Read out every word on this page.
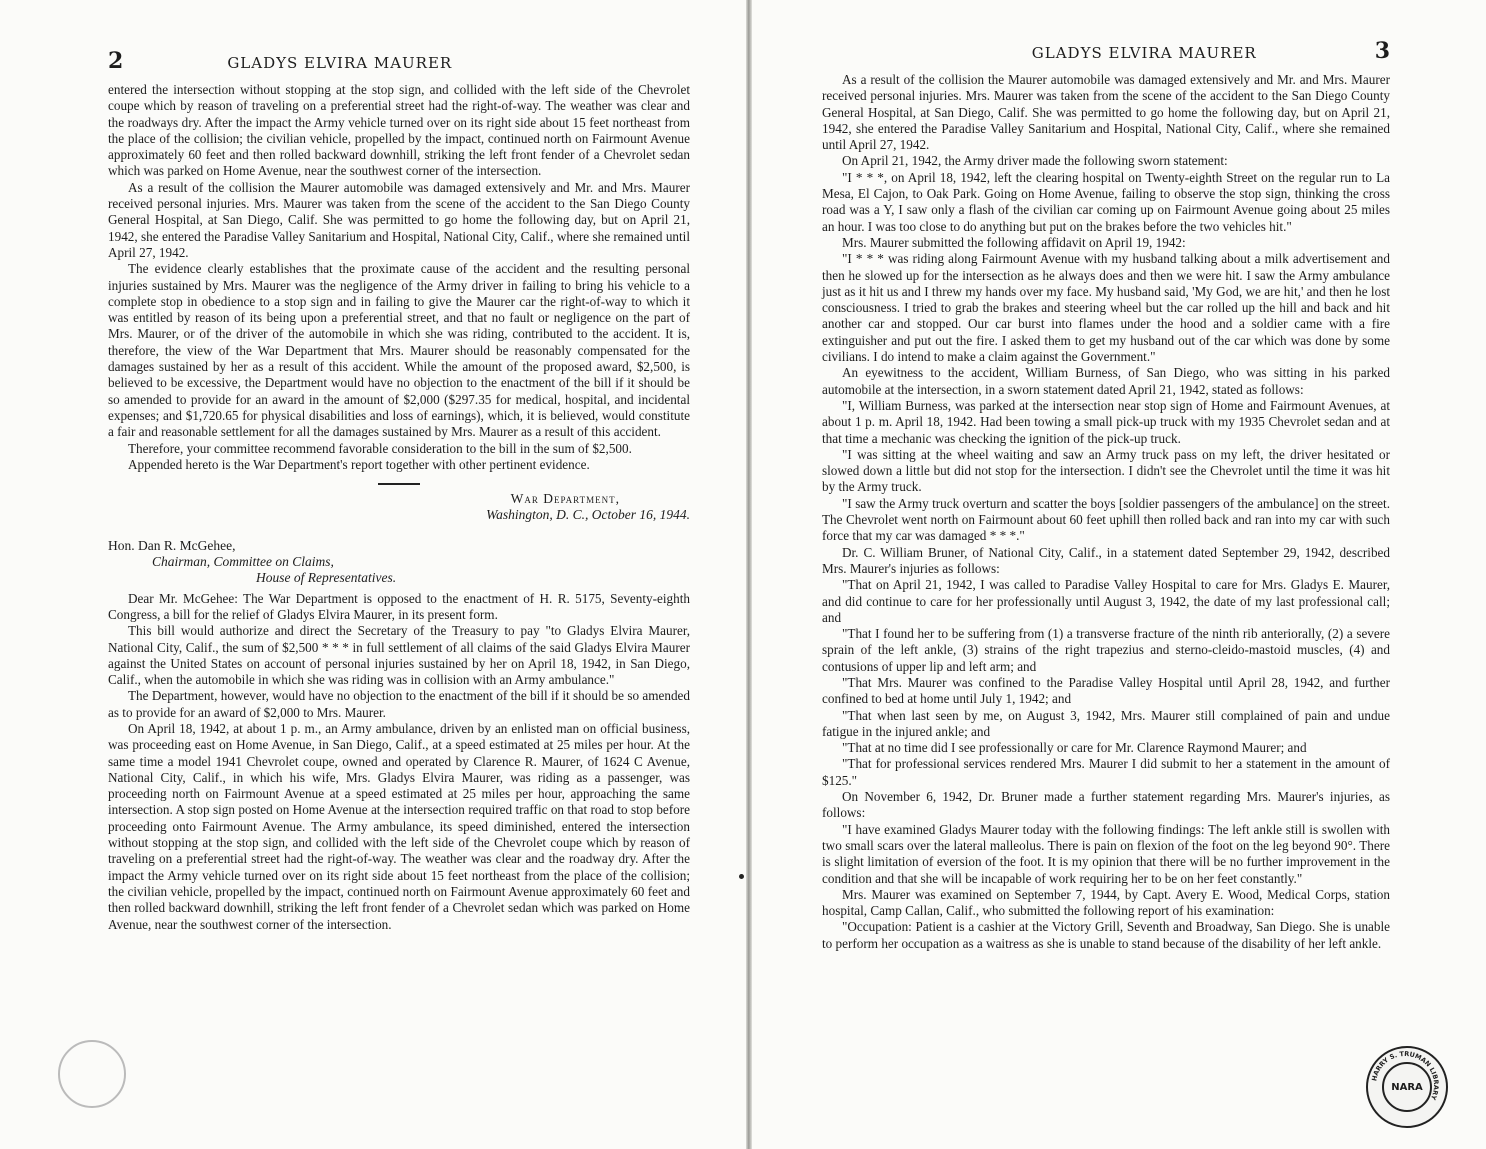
2	GLADYS ELVIRA MAURER

entered the intersection without stopping at the stop sign, and collided with the left side of the Chevrolet coupe which by reason of traveling on a preferential street had the right-of-way. The weather was clear and the roadways dry. After the impact the Army vehicle turned over on its right side about 15 feet northeast from the place of the collision; the civilian vehicle, propelled by the impact, continued north on Fairmount Avenue approximately 60 feet and then rolled backward downhill, striking the left front fender of a Chevrolet sedan which was parked on Home Avenue, near the southwest corner of the intersection.

As a result of the collision the Maurer automobile was damaged extensively and Mr. and Mrs. Maurer received personal injuries. Mrs. Maurer was taken from the scene of the accident to the San Diego County General Hospital, at San Diego, Calif. She was permitted to go home the following day, but on April 21, 1942, she entered the Paradise Valley Sanitarium and Hospital, National City, Calif., where she remained until April 27, 1942.

The evidence clearly establishes that the proximate cause of the accident and the resulting personal injuries sustained by Mrs. Maurer was the negligence of the Army driver in failing to bring his vehicle to a complete stop in obedience to a stop sign and in failing to give the Maurer car the right-of-way to which it was entitled by reason of its being upon a preferential street, and that no fault or negligence on the part of Mrs. Maurer, or of the driver of the automobile in which she was riding, contributed to the accident. It is, therefore, the view of the War Department that Mrs. Maurer should be reasonably compensated for the damages sustained by her as a result of this accident. While the amount of the proposed award, $2,500, is believed to be excessive, the Department would have no objection to the enactment of the bill if it should be so amended to provide for an award in the amount of $2,000 ($297.35 for medical, hospital, and incidental expenses; and $1,720.65 for physical disabilities and loss of earnings), which, it is believed, would constitute a fair and reasonable settlement for all the damages sustained by Mrs. Maurer as a result of this accident.

Therefore, your committee recommend favorable consideration to the bill in the sum of $2,500.

Appended hereto is the War Department's report together with other pertinent evidence.

War Department,
Washington, D. C., October 16, 1944.
Hon. Dan R. McGehee,
Chairman, Committee on Claims,
House of Representatives.

Dear Mr. McGehee: The War Department is opposed to the enactment of H. R. 5175, Seventy-eighth Congress, a bill for the relief of Gladys Elvira Maurer, in its present form.

This bill would authorize and direct the Secretary of the Treasury to pay "to Gladys Elvira Maurer, National City, Calif., the sum of $2,500 * * * in full settlement of all claims of the said Gladys Elvira Maurer against the United States on account of personal injuries sustained by her on April 18, 1942, in San Diego, Calif., when the automobile in which she was riding was in collision with an Army ambulance."

The Department, however, would have no objection to the enactment of the bill if it should be so amended as to provide for an award of $2,000 to Mrs. Maurer.

On April 18, 1942, at about 1 p. m., an Army ambulance, driven by an enlisted man on official business, was proceeding east on Home Avenue, in San Diego, Calif., at a speed estimated at 25 miles per hour. At the same time a model 1941 Chevrolet coupe, owned and operated by Clarence R. Maurer, of 1624 C Avenue, National City, Calif., in which his wife, Mrs. Gladys Elvira Maurer, was riding as a passenger, was proceeding north on Fairmount Avenue at a speed estimated at 25 miles per hour, approaching the same intersection. A stop sign posted on Home Avenue at the intersection required traffic on that road to stop before proceeding onto Fairmount Avenue. The Army ambulance, its speed diminished, entered the intersection without stopping at the stop sign, and collided with the left side of the Chevrolet coupe which by reason of traveling on a preferential street had the right-of-way. The weather was clear and the roadway dry. After the impact the Army vehicle turned over on its right side about 15 feet northeast from the place of the collision; the civilian vehicle, propelled by the impact, continued north on Fairmount Avenue approximately 60 feet and then rolled backward downhill, striking the left front fender of a Chevrolet sedan which was parked on Home Avenue, near the southwest corner of the intersection.

GLADYS ELVIRA MAURER	3

As a result of the collision the Maurer automobile was damaged extensively and Mr. and Mrs. Maurer received personal injuries. Mrs. Maurer was taken from the scene of the accident to the San Diego County General Hospital, at San Diego, Calif. She was permitted to go home the following day, but on April 21, 1942, she entered the Paradise Valley Sanitarium and Hospital, National City, Calif., where she remained until April 27, 1942.

On April 21, 1942, the Army driver made the following sworn statement:

"I * * *, on April 18, 1942, left the clearing hospital on Twenty-eighth Street on the regular run to La Mesa, El Cajon, to Oak Park. Going on Home Avenue, failing to observe the stop sign, thinking the cross road was a Y, I saw only a flash of the civilian car coming up on Fairmount Avenue going about 25 miles an hour. I was too close to do anything but put on the brakes before the two vehicles hit."

Mrs. Maurer submitted the following affidavit on April 19, 1942:

"I * * * was riding along Fairmount Avenue with my husband talking about a milk advertisement and then he slowed up for the intersection as he always does and then we were hit. I saw the Army ambulance just as it hit us and I threw my hands over my face. My husband said, 'My God, we are hit,' and then he lost consciousness. I tried to grab the brakes and steering wheel but the car rolled up the hill and back and hit another car and stopped. Our car burst into flames under the hood and a soldier came with a fire extinguisher and put out the fire. I asked them to get my husband out of the car which was done by some civilians. I do intend to make a claim against the Government."

An eyewitness to the accident, William Burness, of San Diego, who was sitting in his parked automobile at the intersection, in a sworn statement dated April 21, 1942, stated as follows:

"I, William Burness, was parked at the intersection near stop sign of Home and Fairmount Avenues, at about 1 p. m. April 18, 1942. Had been towing a small pick-up truck with my 1935 Chevrolet sedan and at that time a mechanic was checking the ignition of the pick-up truck.

"I was sitting at the wheel waiting and saw an Army truck pass on my left, the driver hesitated or slowed down a little but did not stop for the intersection. I didn't see the Chevrolet until the time it was hit by the Army truck.

"I saw the Army truck overturn and scatter the boys [soldier passengers of the ambulance] on the street. The Chevrolet went north on Fairmount about 60 feet uphill then rolled back and ran into my car with such force that my car was damaged * * *."

Dr. C. William Bruner, of National City, Calif., in a statement dated September 29, 1942, described Mrs. Maurer's injuries as follows:

"That on April 21, 1942, I was called to Paradise Valley Hospital to care for Mrs. Gladys E. Maurer, and did continue to care for her professionally until August 3, 1942, the date of my last professional call; and

"That I found her to be suffering from (1) a transverse fracture of the ninth rib anteriorally, (2) a severe sprain of the left ankle, (3) strains of the right trapezius and sterno-cleido-mastoid muscles, (4) and contusions of upper lip and left arm; and

"That Mrs. Maurer was confined to the Paradise Valley Hospital until April 28, 1942, and further confined to bed at home until July 1, 1942; and

"That when last seen by me, on August 3, 1942, Mrs. Maurer still complained of pain and undue fatigue in the injured ankle; and

"That at no time did I see professionally or care for Mr. Clarence Raymond Maurer; and

"That for professional services rendered Mrs. Maurer I did submit to her a statement in the amount of $125."

On November 6, 1942, Dr. Bruner made a further statement regarding Mrs. Maurer's injuries, as follows:

"I have examined Gladys Maurer today with the following findings: The left ankle still is swollen with two small scars over the lateral malleolus. There is pain on flexion of the foot on the leg beyond 90°. There is slight limitation of eversion of the foot. It is my opinion that there will be no further improvement in the condition and that she will be incapable of work requiring her to be on her feet constantly."

Mrs. Maurer was examined on September 7, 1944, by Capt. Avery E. Wood, Medical Corps, station hospital, Camp Callan, Calif., who submitted the following report of his examination:

"Occupation: Patient is a cashier at the Victory Grill, Seventh and Broadway, San Diego. She is unable to perform her occupation as a waitress as she is unable to stand because of the disability of her left ankle.

NARA
HARRY S. TRUMAN LIBRARY
